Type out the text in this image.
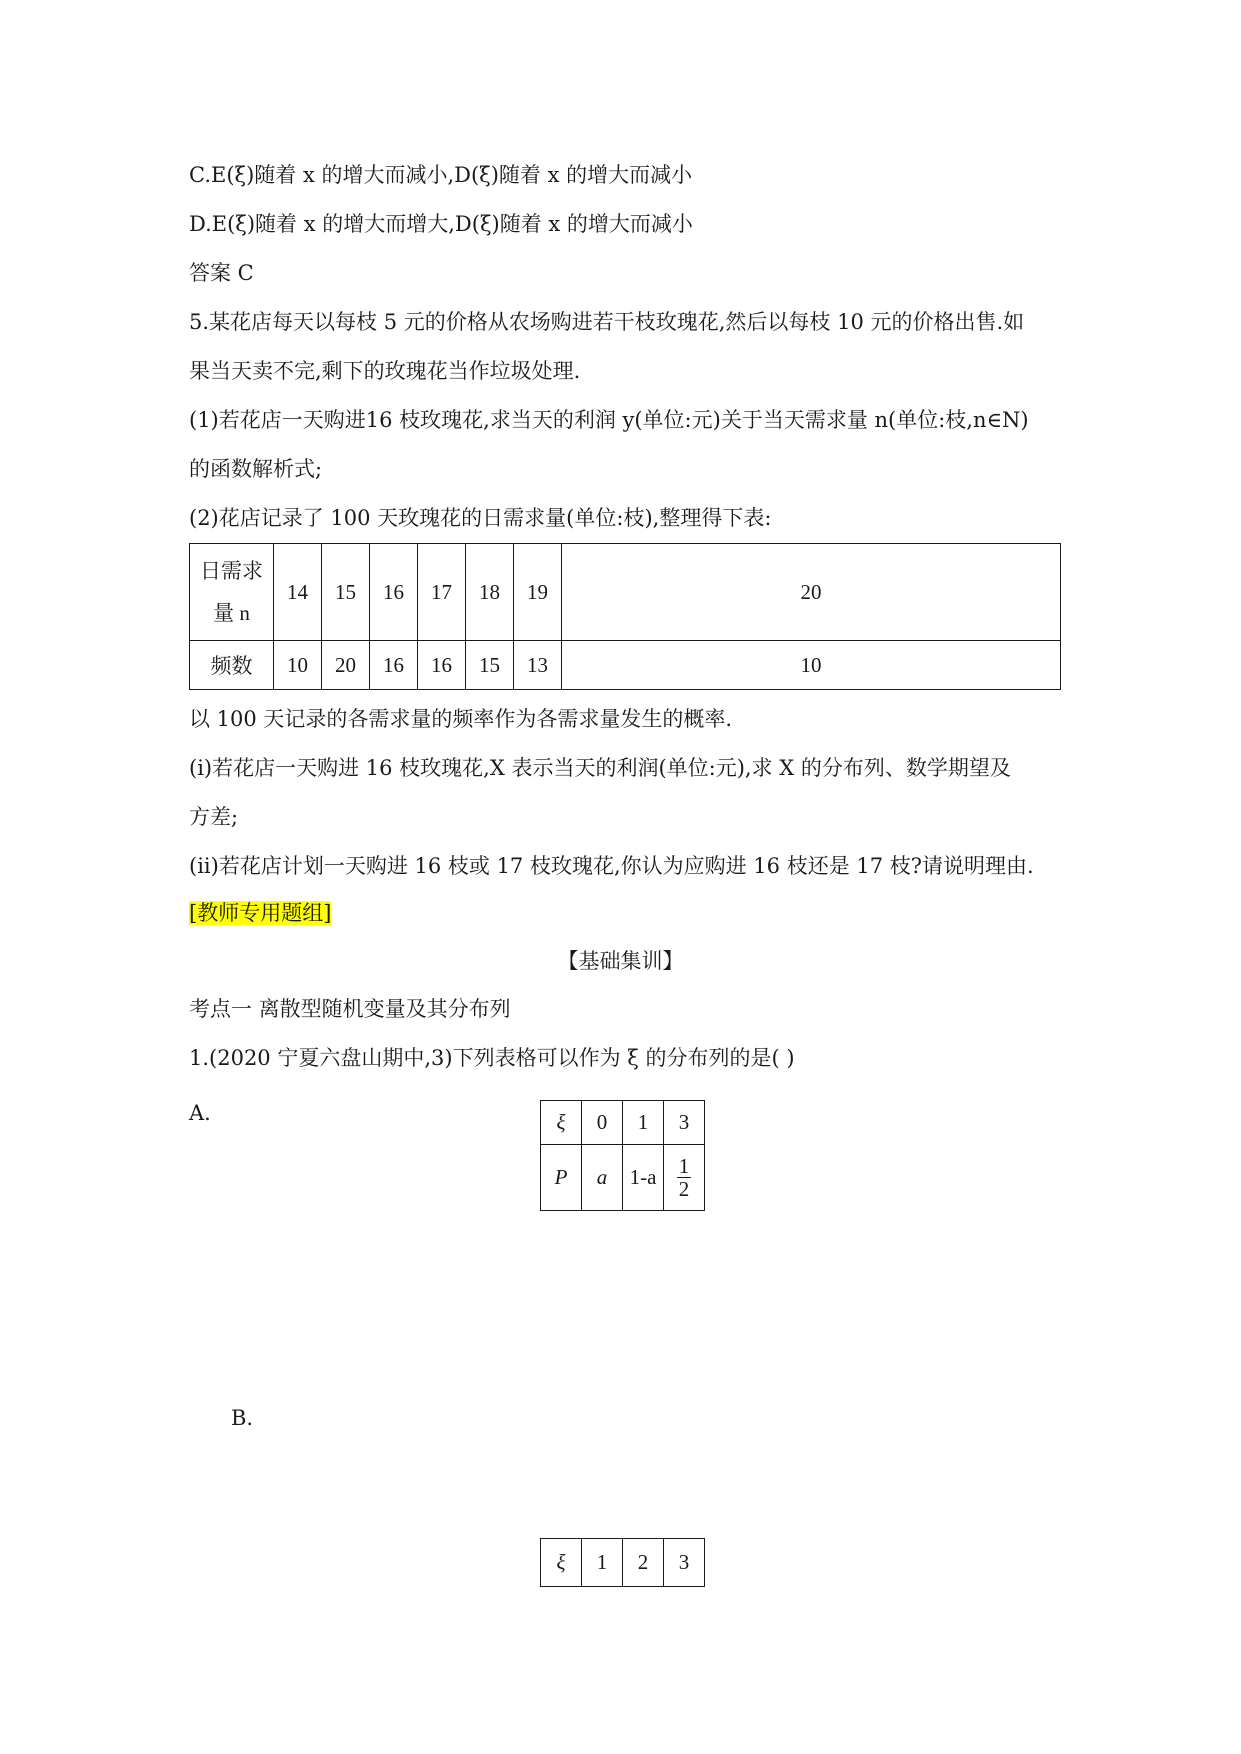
C.E(ξ)随着 x 的增大而减小,D(ξ)随着 x 的增大而减小
D.E(ξ)随着 x 的增大而增大,D(ξ)随着 x 的增大而减小
答案 C
5.某花店每天以每枝 5 元的价格从农场购进若干枝玫瑰花,然后以每枝 10 元的价格出售.如
果当天卖不完,剩下的玫瑰花当作垃圾处理.
(1)若花店一天购进16 枝玫瑰花,求当天的利润 y(单位:元)关于当天需求量 n(单位:枝,n∈N)
的函数解析式;
(2)花店记录了 100 天玫瑰花的日需求量(单位:枝),整理得下表:
日需求
量 n	14	15	16	17	18	19	20
频数	10	20	16	16	15	13	10
以 100 天记录的各需求量的频率作为各需求量发生的概率.
(i)若花店一天购进 16 枝玫瑰花,X 表示当天的利润(单位:元),求 X 的分布列、数学期望及
方差;
(ii)若花店计划一天购进 16 枝或 17 枝玫瑰花,你认为应购进 16 枝还是 17 枝?请说明理由.
[教师专用题组]
【基础集训】
考点一 离散型随机变量及其分布列
1.(2020 宁夏六盘山期中,3)下列表格可以作为 ξ 的分布列的是( )
A.	ξ	0	1	3
P	a	1-a	$\frac{1}{2}$
B.
ξ	1	2	3
